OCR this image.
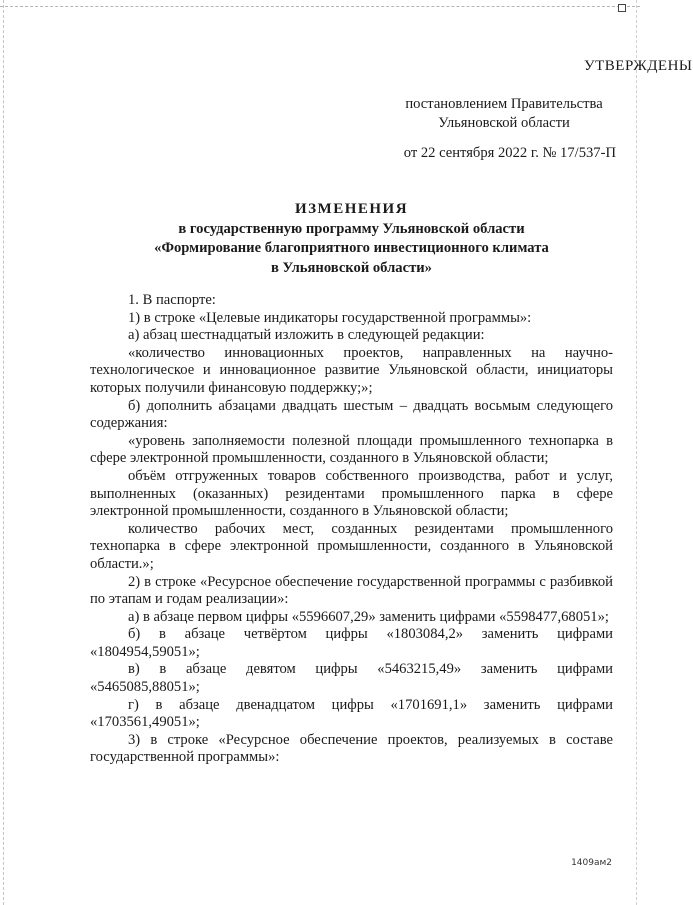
УТВЕРЖДЕНЫ
постановлением Правительства
Ульяновской области
от 22 сентября 2022 г. № 17/537-П
ИЗМЕНЕНИЯ
в государственную программу Ульяновской области
«Формирование благоприятного инвестиционного климата
в Ульяновской области»

1. В паспорте:

1) в строке «Целевые индикаторы государственной программы»:

а) абзац шестнадцатый изложить в следующей редакции:

«количество инновационных проектов, направленных на научно-технологическое и инновационное развитие Ульяновской области, инициаторы которых получили финансовую поддержку;»;

б) дополнить абзацами двадцать шестым – двадцать восьмым следующего содержания:

«уровень заполняемости полезной площади промышленного технопарка в сфере электронной промышленности, созданного в Ульяновской области;

объём отгруженных товаров собственного производства, работ и услуг, выполненных (оказанных) резидентами промышленного парка в сфере электронной промышленности, созданного в Ульяновской области;

количество рабочих мест, созданных резидентами промышленного технопарка в сфере электронной промышленности, созданного в Ульяновской области.»;

2) в строке «Ресурсное обеспечение государственной программы с разбивкой по этапам и годам реализации»:

а) в абзаце первом цифры «5596607,29» заменить цифрами «5598477,68051»;

б) в абзаце четвёртом цифры «1803084,2» заменить цифрами «1804954,59051»;

в) в абзаце девятом цифры «5463215,49» заменить цифрами «5465085,88051»;

г) в абзаце двенадцатом цифры «1701691,1» заменить цифрами «1703561,49051»;

3) в строке «Ресурсное обеспечение проектов, реализуемых в составе государственной программы»:

1409ам2
